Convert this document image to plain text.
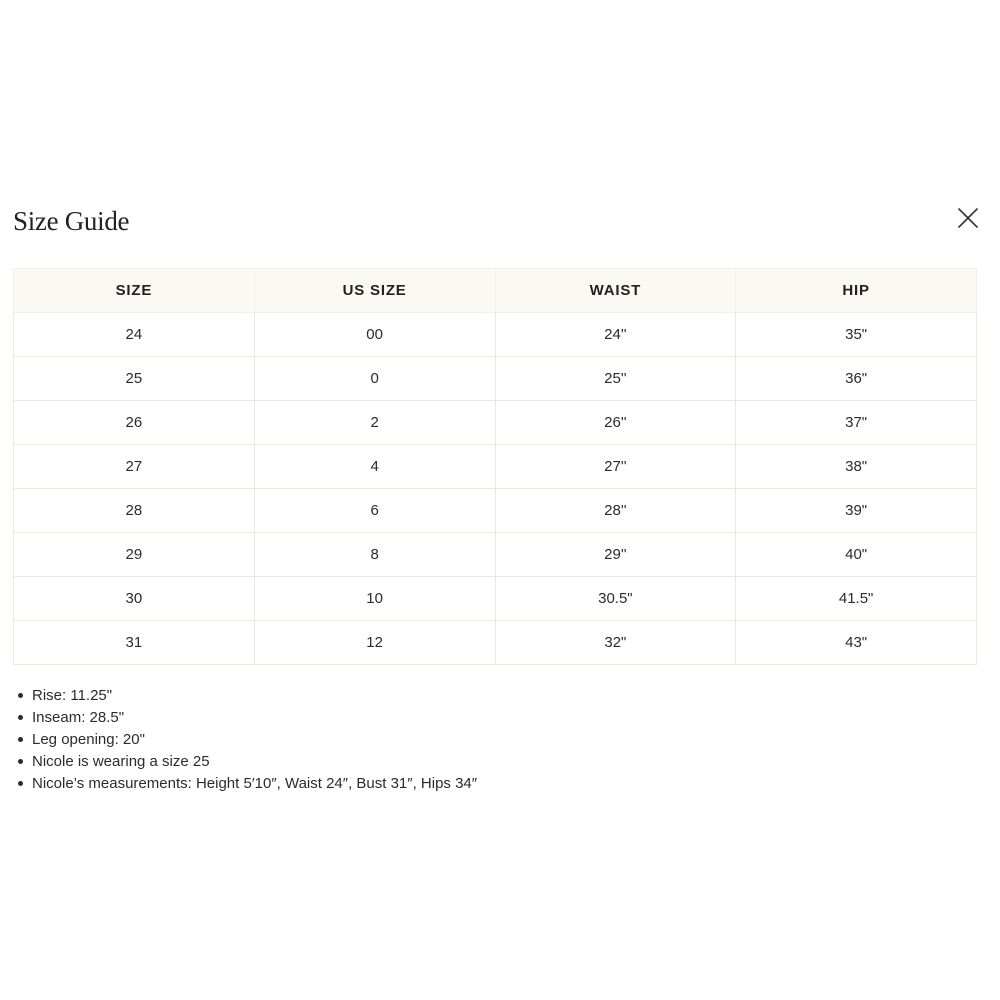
Size Guide
SIZE	US SIZE	WAIST	HIP
24	00	24''	35"
25	0	25''	36"
26	2	26''	37"
27	4	27''	38"
28	6	28''	39"
29	8	29''	40"
30	10	30.5"	41.5"
31	12	32"	43"
Rise: 11.25"
Inseam: 28.5"
Leg opening: 20"
Nicole is wearing a size 25
Nicole’s measurements: Height 5′10″, Waist 24″, Bust 31″, Hips 34″
